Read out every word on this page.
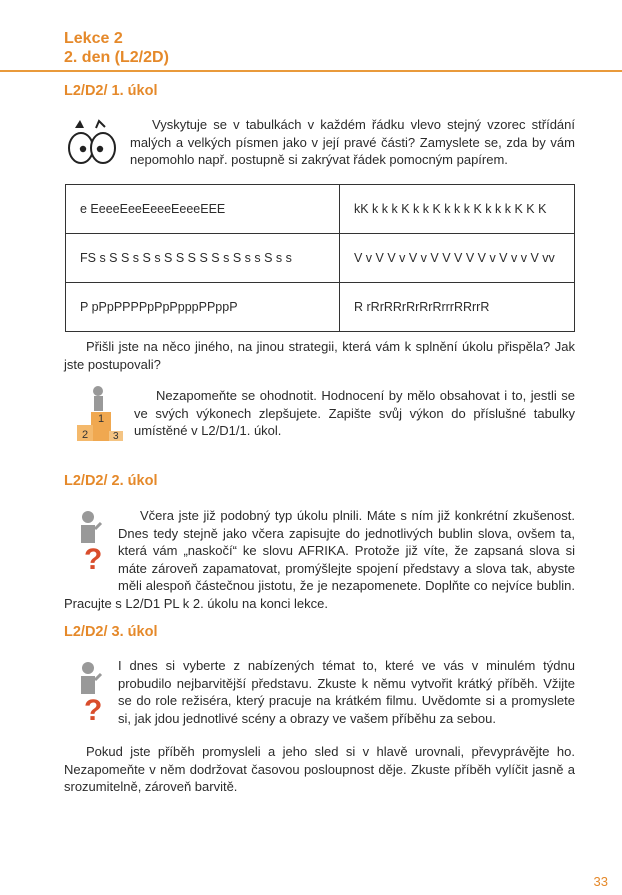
Lekce 2
2. den (L2/2D)
L2/D2/ 1. úkol

Vyskytuje se v tabulkách v každém řádku vlevo stejný vzorec střídání malých a velkých písmen jako v její pravé části? Zamyslete se, zda by vám nepomohlo např. postupně si zakrývat řádek pomocným papírem.

e EeeeEeeEeeeEeeeEEE	kK k k k K k k K k k k K k k k K K K
FS s S S s S s S S S S S s S s s S s s	V v V V v V v V V V V V v V v v V vv
P pPpPPPPpPpPpppPPppP	R rRrRRrRrRrRrrrRRrrR

Přišli jste na něco jiného, na jinou strategii, která vám k splnění úkolu přispěla? Jak jste postupovali?

1
2 3

Nezapomeňte se ohodnotit. Hodnocení by mělo obsahovat i to, jestli se ve svých výkonech zlepšujete. Zapište svůj výkon do příslušné tabulky umístěné v L2/D1/1. úkol.

L2/D2/ 2. úkol
?

Včera jste již podobný typ úkolu plnili. Máte s ním již konkrétní zkušenost. Dnes tedy stejně jako včera zapisujte do jednotlivých bublin slova, ovšem ta, která vám „naskočí“ ke slovu AFRIKA. Protože již víte, že zapsaná slova si máte zároveň zapamatovat, promýšlejte spojení představy a slova tak, abyste měli alespoň částečnou jistotu, že je nezapomenete. Doplňte co nejvíce bublin. Pracujte s L2/D1 PL k 2. úkolu na konci lekce.

L2/D2/ 3. úkol
?

I dnes si vyberte z nabízených témat to, které ve vás v minulém týdnu probudilo nejbarvitější představu. Zkuste k němu vytvořit krátký příběh. Vžijte se do role režiséra, který pracuje na krátkém filmu. Uvědomte si a promyslete si, jak jdou jednotlivé scény a obrazy ve vašem příběhu za sebou.

Pokud jste příběh promysleli a jeho sled si v hlavě urovnali, převyprávějte ho. Nezapomeňte v něm dodržovat časovou posloupnost děje. Zkuste příběh vylíčit jasně a srozumitelně, zároveň barvitě.

33
